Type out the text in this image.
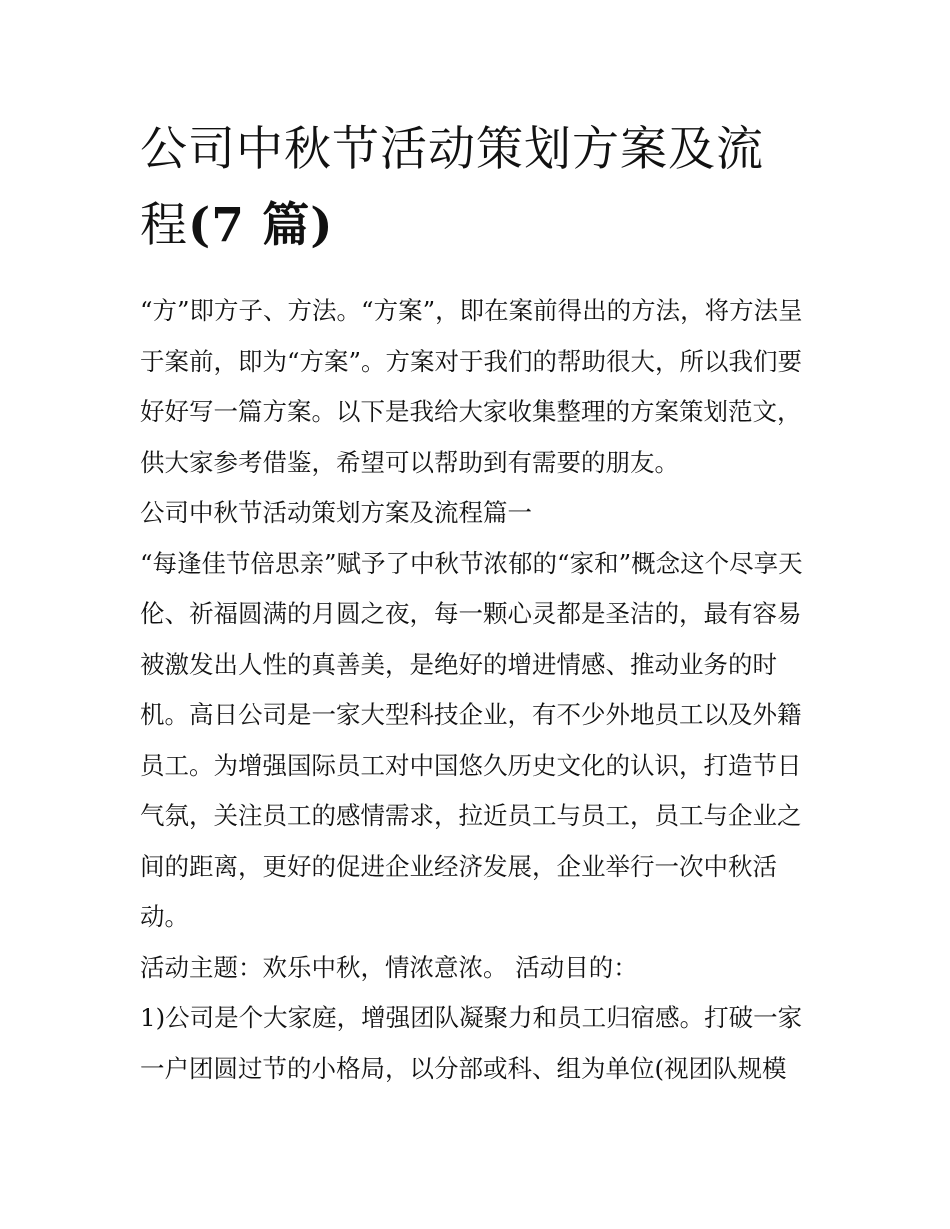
公司中秋节活动策划方案及流
程(7 篇)

“方”即方子、方法。“方案”，即在案前得出的方法，将方法呈于案前，即为“方案”。方案对于我们的帮助很大，所以我们要好好写一篇方案。以下是我给大家收集整理的方案策划范文，供大家参考借鉴，希望可以帮助到有需要的朋友。

公司中秋节活动策划方案及流程篇一

“每逢佳节倍思亲”赋予了中秋节浓郁的“家和”概念这个尽享天伦、祈福圆满的月圆之夜，每一颗心灵都是圣洁的，最有容易被激发出人性的真善美，是绝好的增进情感、推动业务的时机。高日公司是一家大型科技企业，有不少外地员工以及外籍员工。为增强国际员工对中国悠久历史文化的认识，打造节日气氛，关注员工的感情需求，拉近员工与员工，员工与企业之间的距离，更好的促进企业经济发展，企业举行一次中秋活动。

活动主题：欢乐中秋，情浓意浓。 活动目的：

1)公司是个大家庭，增强团队凝聚力和员工归宿感。打破一家一户团圆过节的小格局，以分部或科、组为单位(视团队规模
